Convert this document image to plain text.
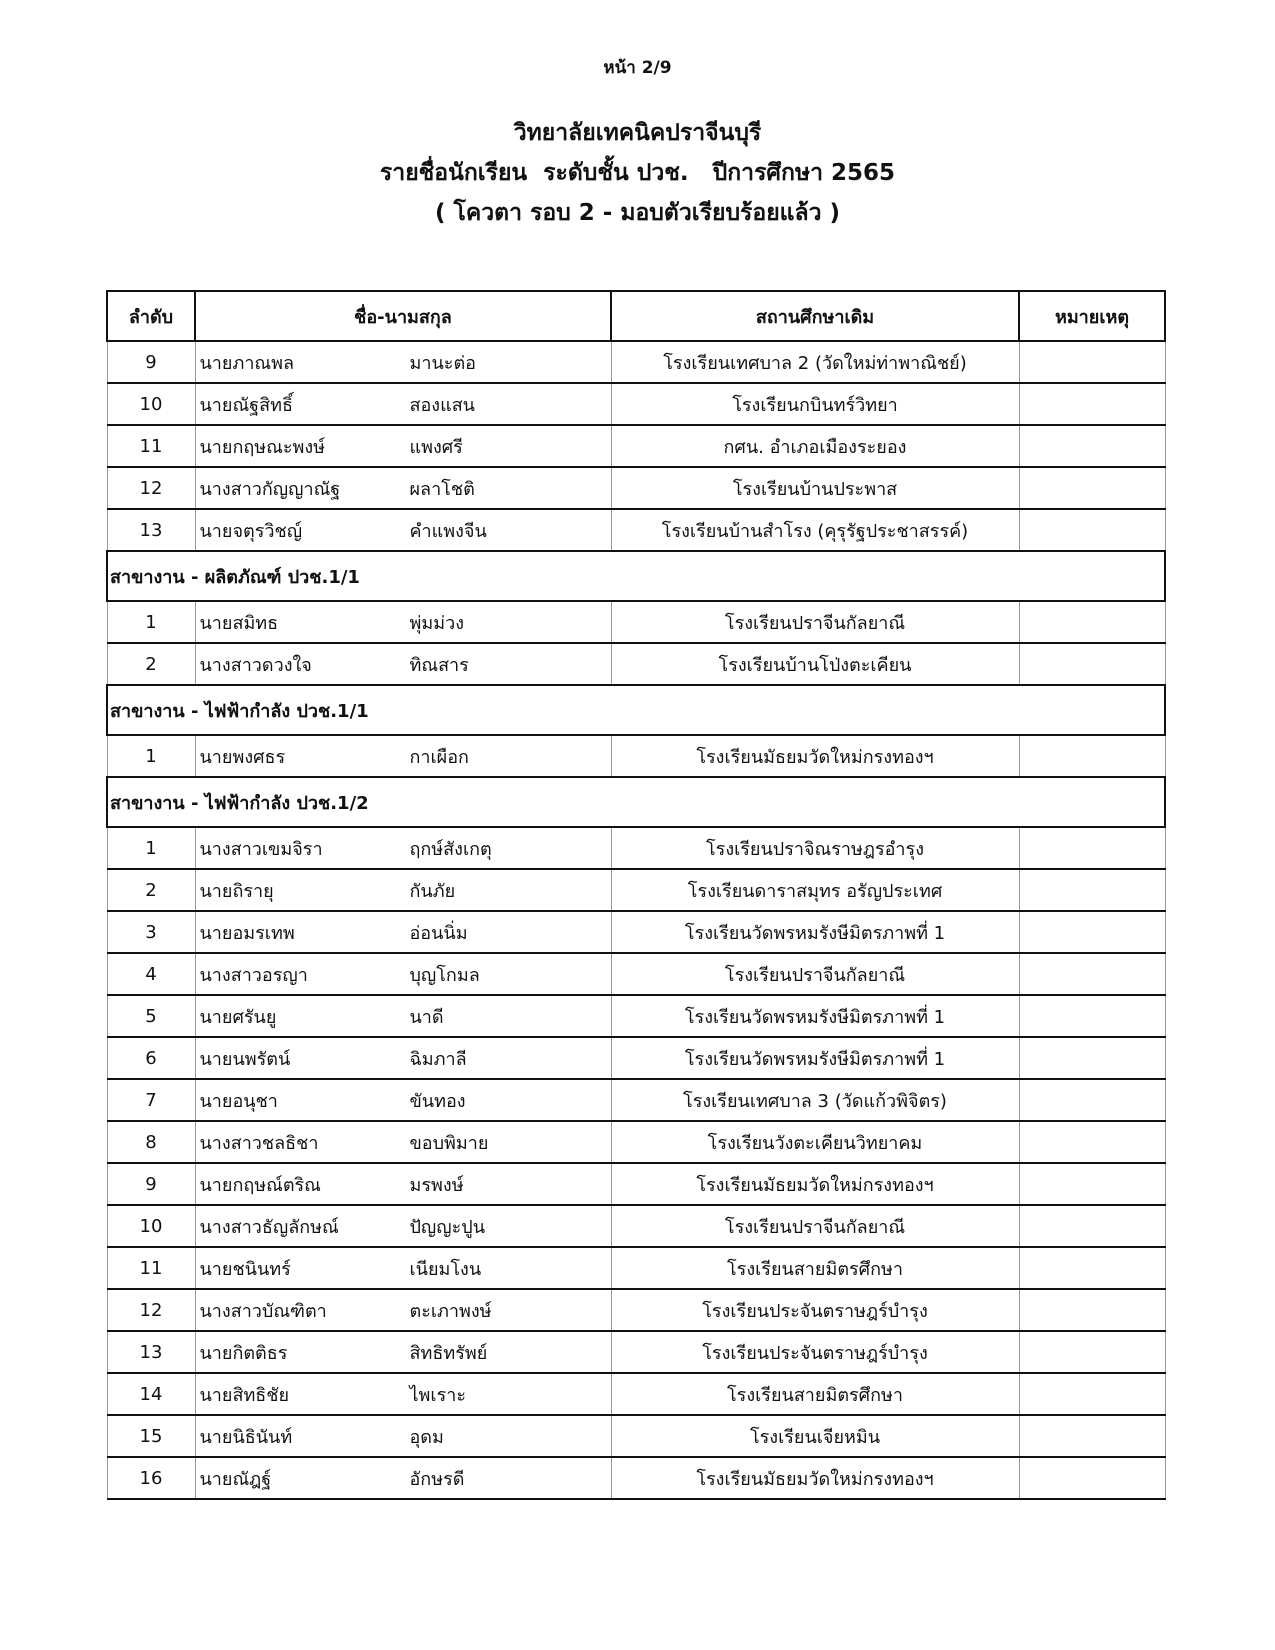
หน้า 2/9
วิทยาลัยเทคนิคปราจีนบุรี
รายชื่อนักเรียน  ระดับชั้น ปวช.   ปีการศึกษา 2565
( โควตา รอบ 2 - มอบตัวเรียบร้อยแล้ว )
ลำดับ	ชื่อ-นามสกุล	สถานศึกษาเดิม	หมายเหตุ
9	นายภาณพล มานะต่อ	โรงเรียนเทศบาล 2 (วัดใหม่ท่าพาณิชย์)	
10	นายณัฐสิทธิ์ สองแสน	โรงเรียนกบินทร์วิทยา	
11	นายกฤษณะพงษ์ แพงศรี	กศน. อำเภอเมืองระยอง	
12	นางสาวกัญญาณัฐ ผลาโชติ	โรงเรียนบ้านประพาส	
13	นายจตุรวิชญ์ คำแพงจีน	โรงเรียนบ้านสำโรง (คุรุรัฐประชาสรรค์)	
สาขางาน - ผลิตภัณฑ์ ปวช.1/1			
1	นายสมิทธ พุ่มม่วง	โรงเรียนปราจีนกัลยาณี	
2	นางสาวดวงใจ ทิณสาร	โรงเรียนบ้านโป่งตะเคียน	
สาขางาน - ไฟฟ้ากำลัง ปวช.1/1			
1	นายพงศธร กาเผือก	โรงเรียนมัธยมวัดใหม่กรงทองฯ	
สาขางาน - ไฟฟ้ากำลัง ปวช.1/2			
1	นางสาวเขมจิรา ฤกษ์สังเกตุ	โรงเรียนปราจิณราษฎรอำรุง	
2	นายถิรายุ กันภัย	โรงเรียนดาราสมุทร อรัญประเทศ	
3	นายอมรเทพ อ่อนนิ่ม	โรงเรียนวัดพรหมรังษีมิตรภาพที่ 1	
4	นางสาวอรญา บุญโกมล	โรงเรียนปราจีนกัลยาณี	
5	นายศรันยู นาดี	โรงเรียนวัดพรหมรังษีมิตรภาพที่ 1	
6	นายนพรัตน์ ฉิมภาลี	โรงเรียนวัดพรหมรังษีมิตรภาพที่ 1	
7	นายอนุชา ขันทอง	โรงเรียนเทศบาล 3 (วัดแก้วพิจิตร)	
8	นางสาวชลธิชา ขอบพิมาย	โรงเรียนวังตะเคียนวิทยาคม	
9	นายกฤษณ์ตริณ มรพงษ์	โรงเรียนมัธยมวัดใหม่กรงทองฯ	
10	นางสาวธัญลักษณ์ ปัญญะปูน	โรงเรียนปราจีนกัลยาณี	
11	นายชนินทร์ เนียมโงน	โรงเรียนสายมิตรศึกษา	
12	นางสาวบัณฑิตา ตะเภาพงษ์	โรงเรียนประจันตราษฎร์บำรุง	
13	นายกิตติธร สิทธิทรัพย์	โรงเรียนประจันตราษฎร์บำรุง	
14	นายสิทธิชัย ไพเราะ	โรงเรียนสายมิตรศึกษา	
15	นายนิธินันท์ อุดม	โรงเรียนเจียหมิน	
16	นายณัฎฐ์ อักษรดี	โรงเรียนมัธยมวัดใหม่กรงทองฯ	
